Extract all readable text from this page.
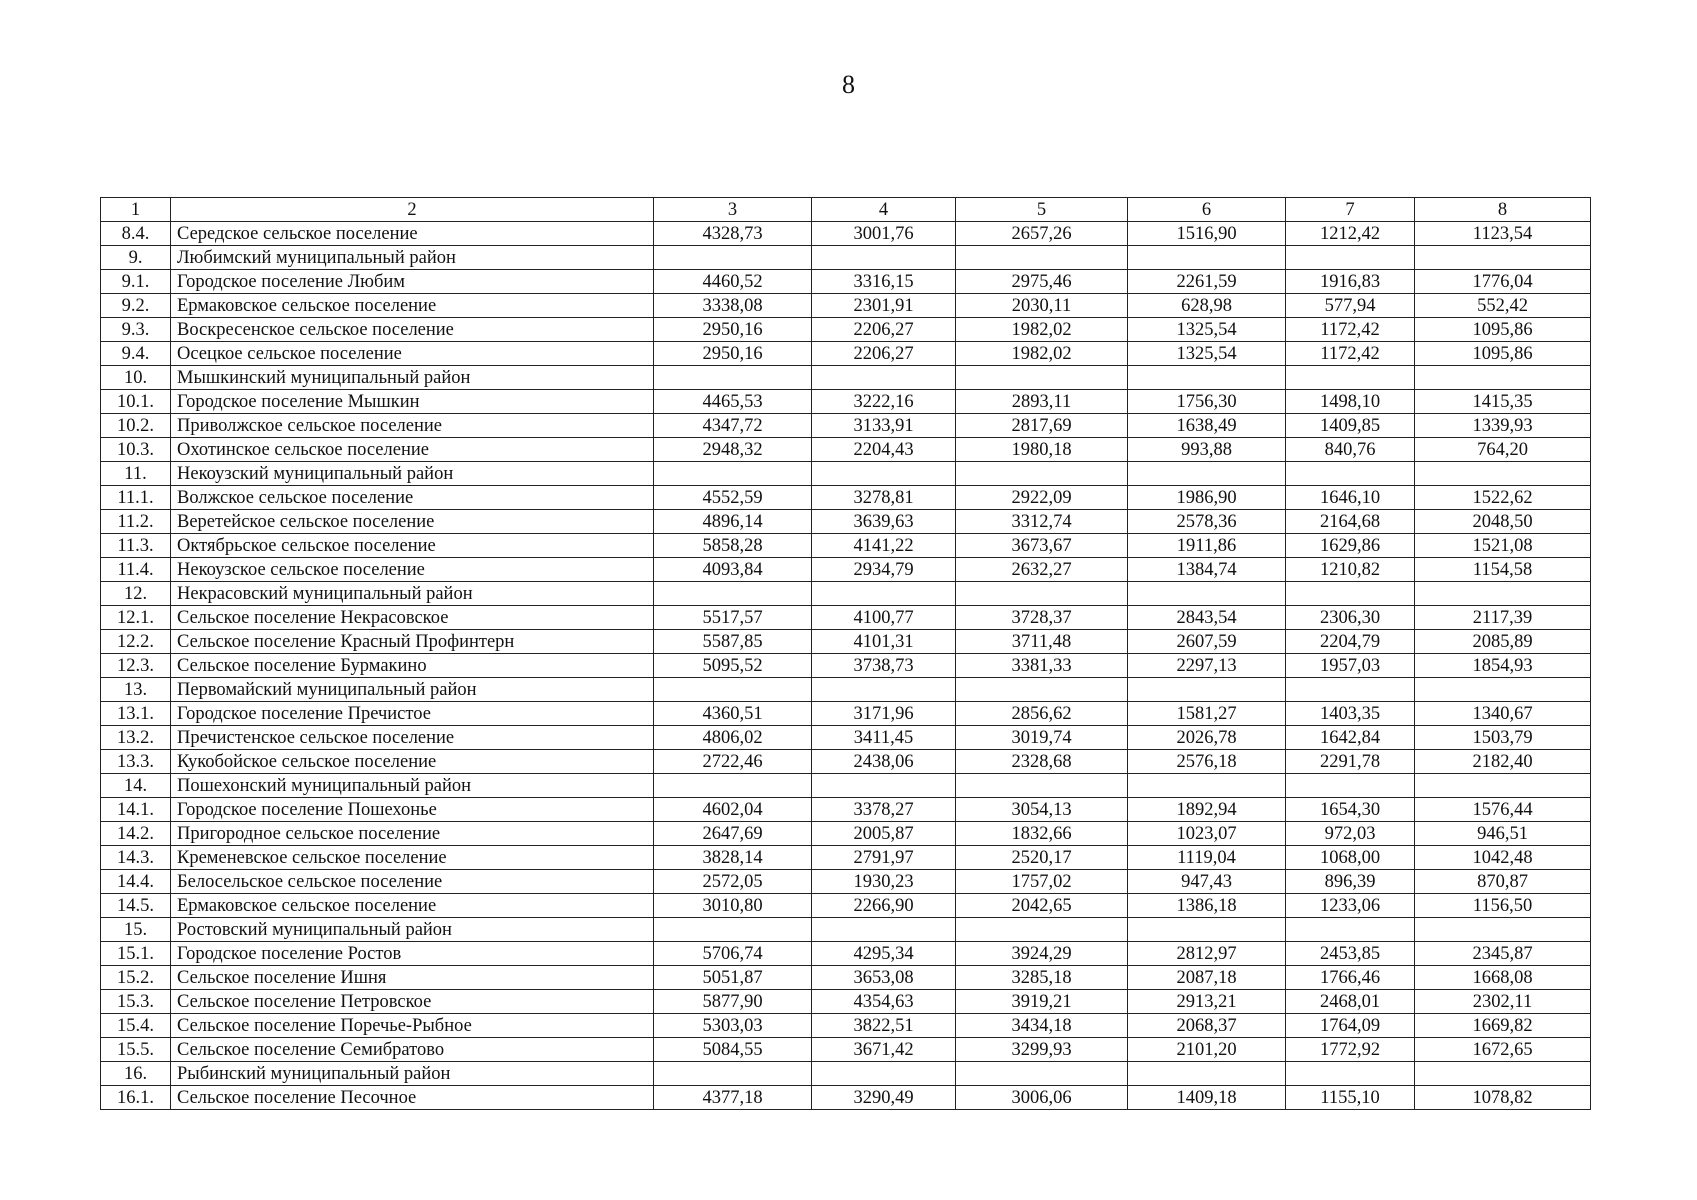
8
1	2	3	4	5	6	7	8
8.4.	Середское сельское поселение	4328,73	3001,76	2657,26	1516,90	1212,42	1123,54
9.	Любимский муниципальный район						
9.1.	Городское поселение Любим	4460,52	3316,15	2975,46	2261,59	1916,83	1776,04
9.2.	Ермаковское сельское поселение	3338,08	2301,91	2030,11	628,98	577,94	552,42
9.3.	Воскресенское сельское поселение	2950,16	2206,27	1982,02	1325,54	1172,42	1095,86
9.4.	Осецкое сельское поселение	2950,16	2206,27	1982,02	1325,54	1172,42	1095,86
10.	Мышкинский муниципальный район						
10.1.	Городское поселение Мышкин	4465,53	3222,16	2893,11	1756,30	1498,10	1415,35
10.2.	Приволжское сельское поселение	4347,72	3133,91	2817,69	1638,49	1409,85	1339,93
10.3.	Охотинское сельское поселение	2948,32	2204,43	1980,18	993,88	840,76	764,20
11.	Некоузский муниципальный район						
11.1.	Волжское сельское поселение	4552,59	3278,81	2922,09	1986,90	1646,10	1522,62
11.2.	Веретейское сельское поселение	4896,14	3639,63	3312,74	2578,36	2164,68	2048,50
11.3.	Октябрьское сельское поселение	5858,28	4141,22	3673,67	1911,86	1629,86	1521,08
11.4.	Некоузское сельское поселение	4093,84	2934,79	2632,27	1384,74	1210,82	1154,58
12.	Некрасовский муниципальный район						
12.1.	Сельское поселение Некрасовское	5517,57	4100,77	3728,37	2843,54	2306,30	2117,39
12.2.	Сельское поселение Красный Профинтерн	5587,85	4101,31	3711,48	2607,59	2204,79	2085,89
12.3.	Сельское поселение Бурмакино	5095,52	3738,73	3381,33	2297,13	1957,03	1854,93
13.	Первомайский муниципальный район						
13.1.	Городское поселение Пречистое	4360,51	3171,96	2856,62	1581,27	1403,35	1340,67
13.2.	Пречистенское сельское поселение	4806,02	3411,45	3019,74	2026,78	1642,84	1503,79
13.3.	Кукобойское сельское поселение	2722,46	2438,06	2328,68	2576,18	2291,78	2182,40
14.	Пошехонский муниципальный район						
14.1.	Городское поселение Пошехонье	4602,04	3378,27	3054,13	1892,94	1654,30	1576,44
14.2.	Пригородное сельское поселение	2647,69	2005,87	1832,66	1023,07	972,03	946,51
14.3.	Кременевское сельское поселение	3828,14	2791,97	2520,17	1119,04	1068,00	1042,48
14.4.	Белосельское сельское поселение	2572,05	1930,23	1757,02	947,43	896,39	870,87
14.5.	Ермаковское сельское поселение	3010,80	2266,90	2042,65	1386,18	1233,06	1156,50
15.	Ростовский муниципальный район						
15.1.	Городское поселение Ростов	5706,74	4295,34	3924,29	2812,97	2453,85	2345,87
15.2.	Сельское поселение Ишня	5051,87	3653,08	3285,18	2087,18	1766,46	1668,08
15.3.	Сельское поселение Петровское	5877,90	4354,63	3919,21	2913,21	2468,01	2302,11
15.4.	Сельское поселение Поречье-Рыбное	5303,03	3822,51	3434,18	2068,37	1764,09	1669,82
15.5.	Сельское поселение Семибратово	5084,55	3671,42	3299,93	2101,20	1772,92	1672,65
16.	Рыбинский муниципальный район						
16.1.	Сельское поселение Песочное	4377,18	3290,49	3006,06	1409,18	1155,10	1078,82
